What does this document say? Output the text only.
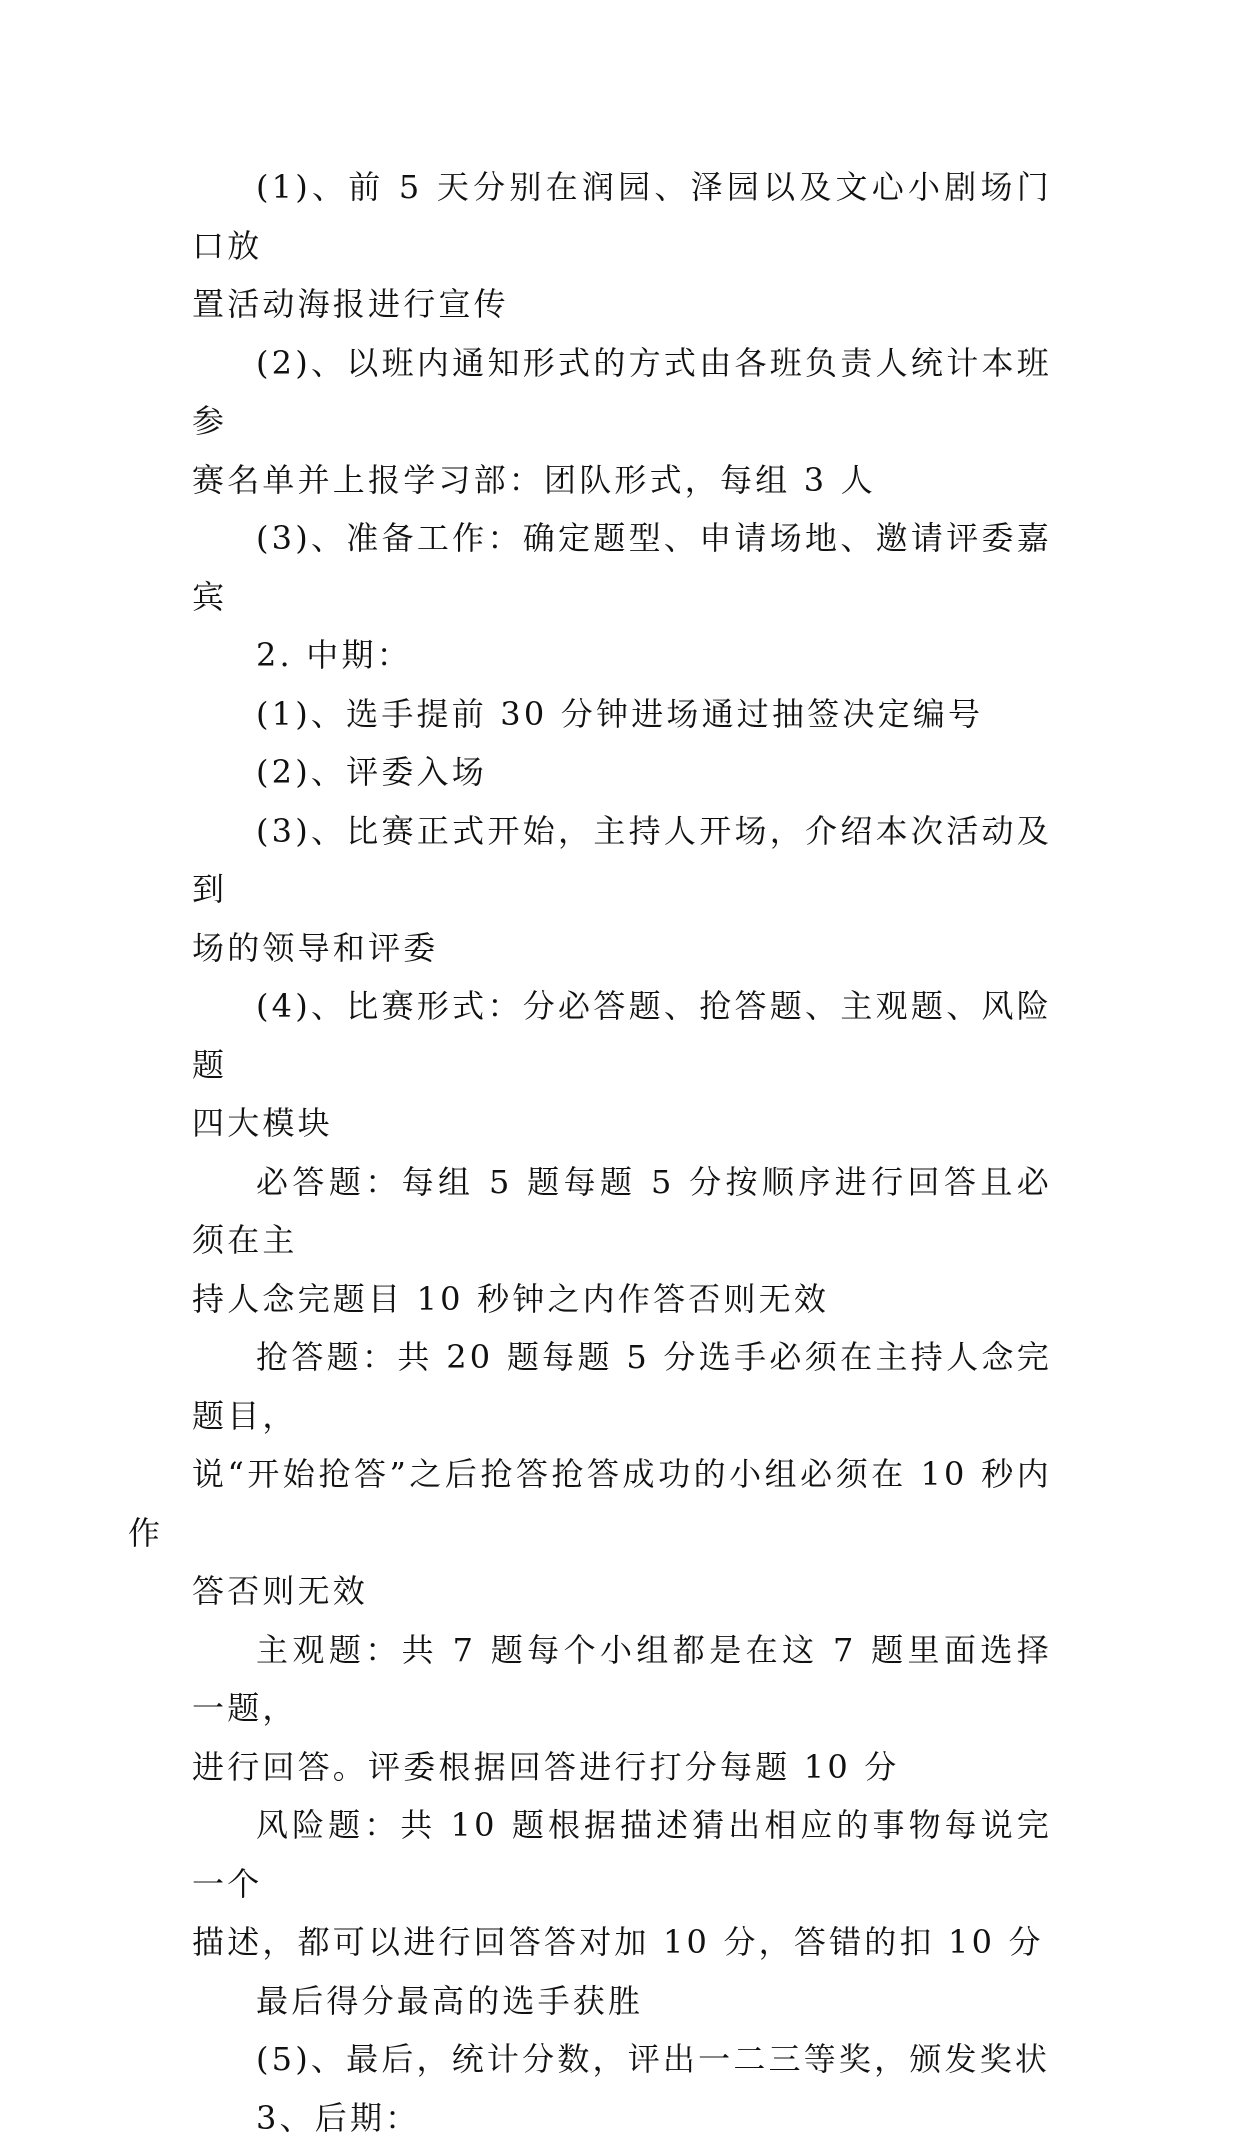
(1)、前 5 天分别在润园、泽园以及文心小剧场门口放
置活动海报进行宣传

(2)、以班内通知形式的方式由各班负责人统计本班参
赛名单并上报学习部：团队形式，每组 3 人

(3)、准备工作：确定题型、申请场地、邀请评委嘉宾

2. 中期：

(1)、选手提前 30 分钟进场通过抽签决定编号

(2)、评委入场

(3)、比赛正式开始，主持人开场，介绍本次活动及到
场的领导和评委

(4)、比赛形式：分必答题、抢答题、主观题、风险题
四大模块

必答题：每组 5 题每题 5 分按顺序进行回答且必须在主
持人念完题目 10 秒钟之内作答否则无效

抢答题：共 20 题每题 5 分选手必须在主持人念完题目，
说“开始抢答”之后抢答抢答成功的小组必须在 10 秒内作
答否则无效

主观题：共 7 题每个小组都是在这 7 题里面选择一题，
进行回答。评委根据回答进行打分每题 10 分

风险题：共 10 题根据描述猜出相应的事物每说完一个
描述，都可以进行回答答对加 10 分，答错的扣 10 分

最后得分最高的选手获胜

(5)、最后，统计分数，评出一二三等奖，颁发奖状

3、后期：
